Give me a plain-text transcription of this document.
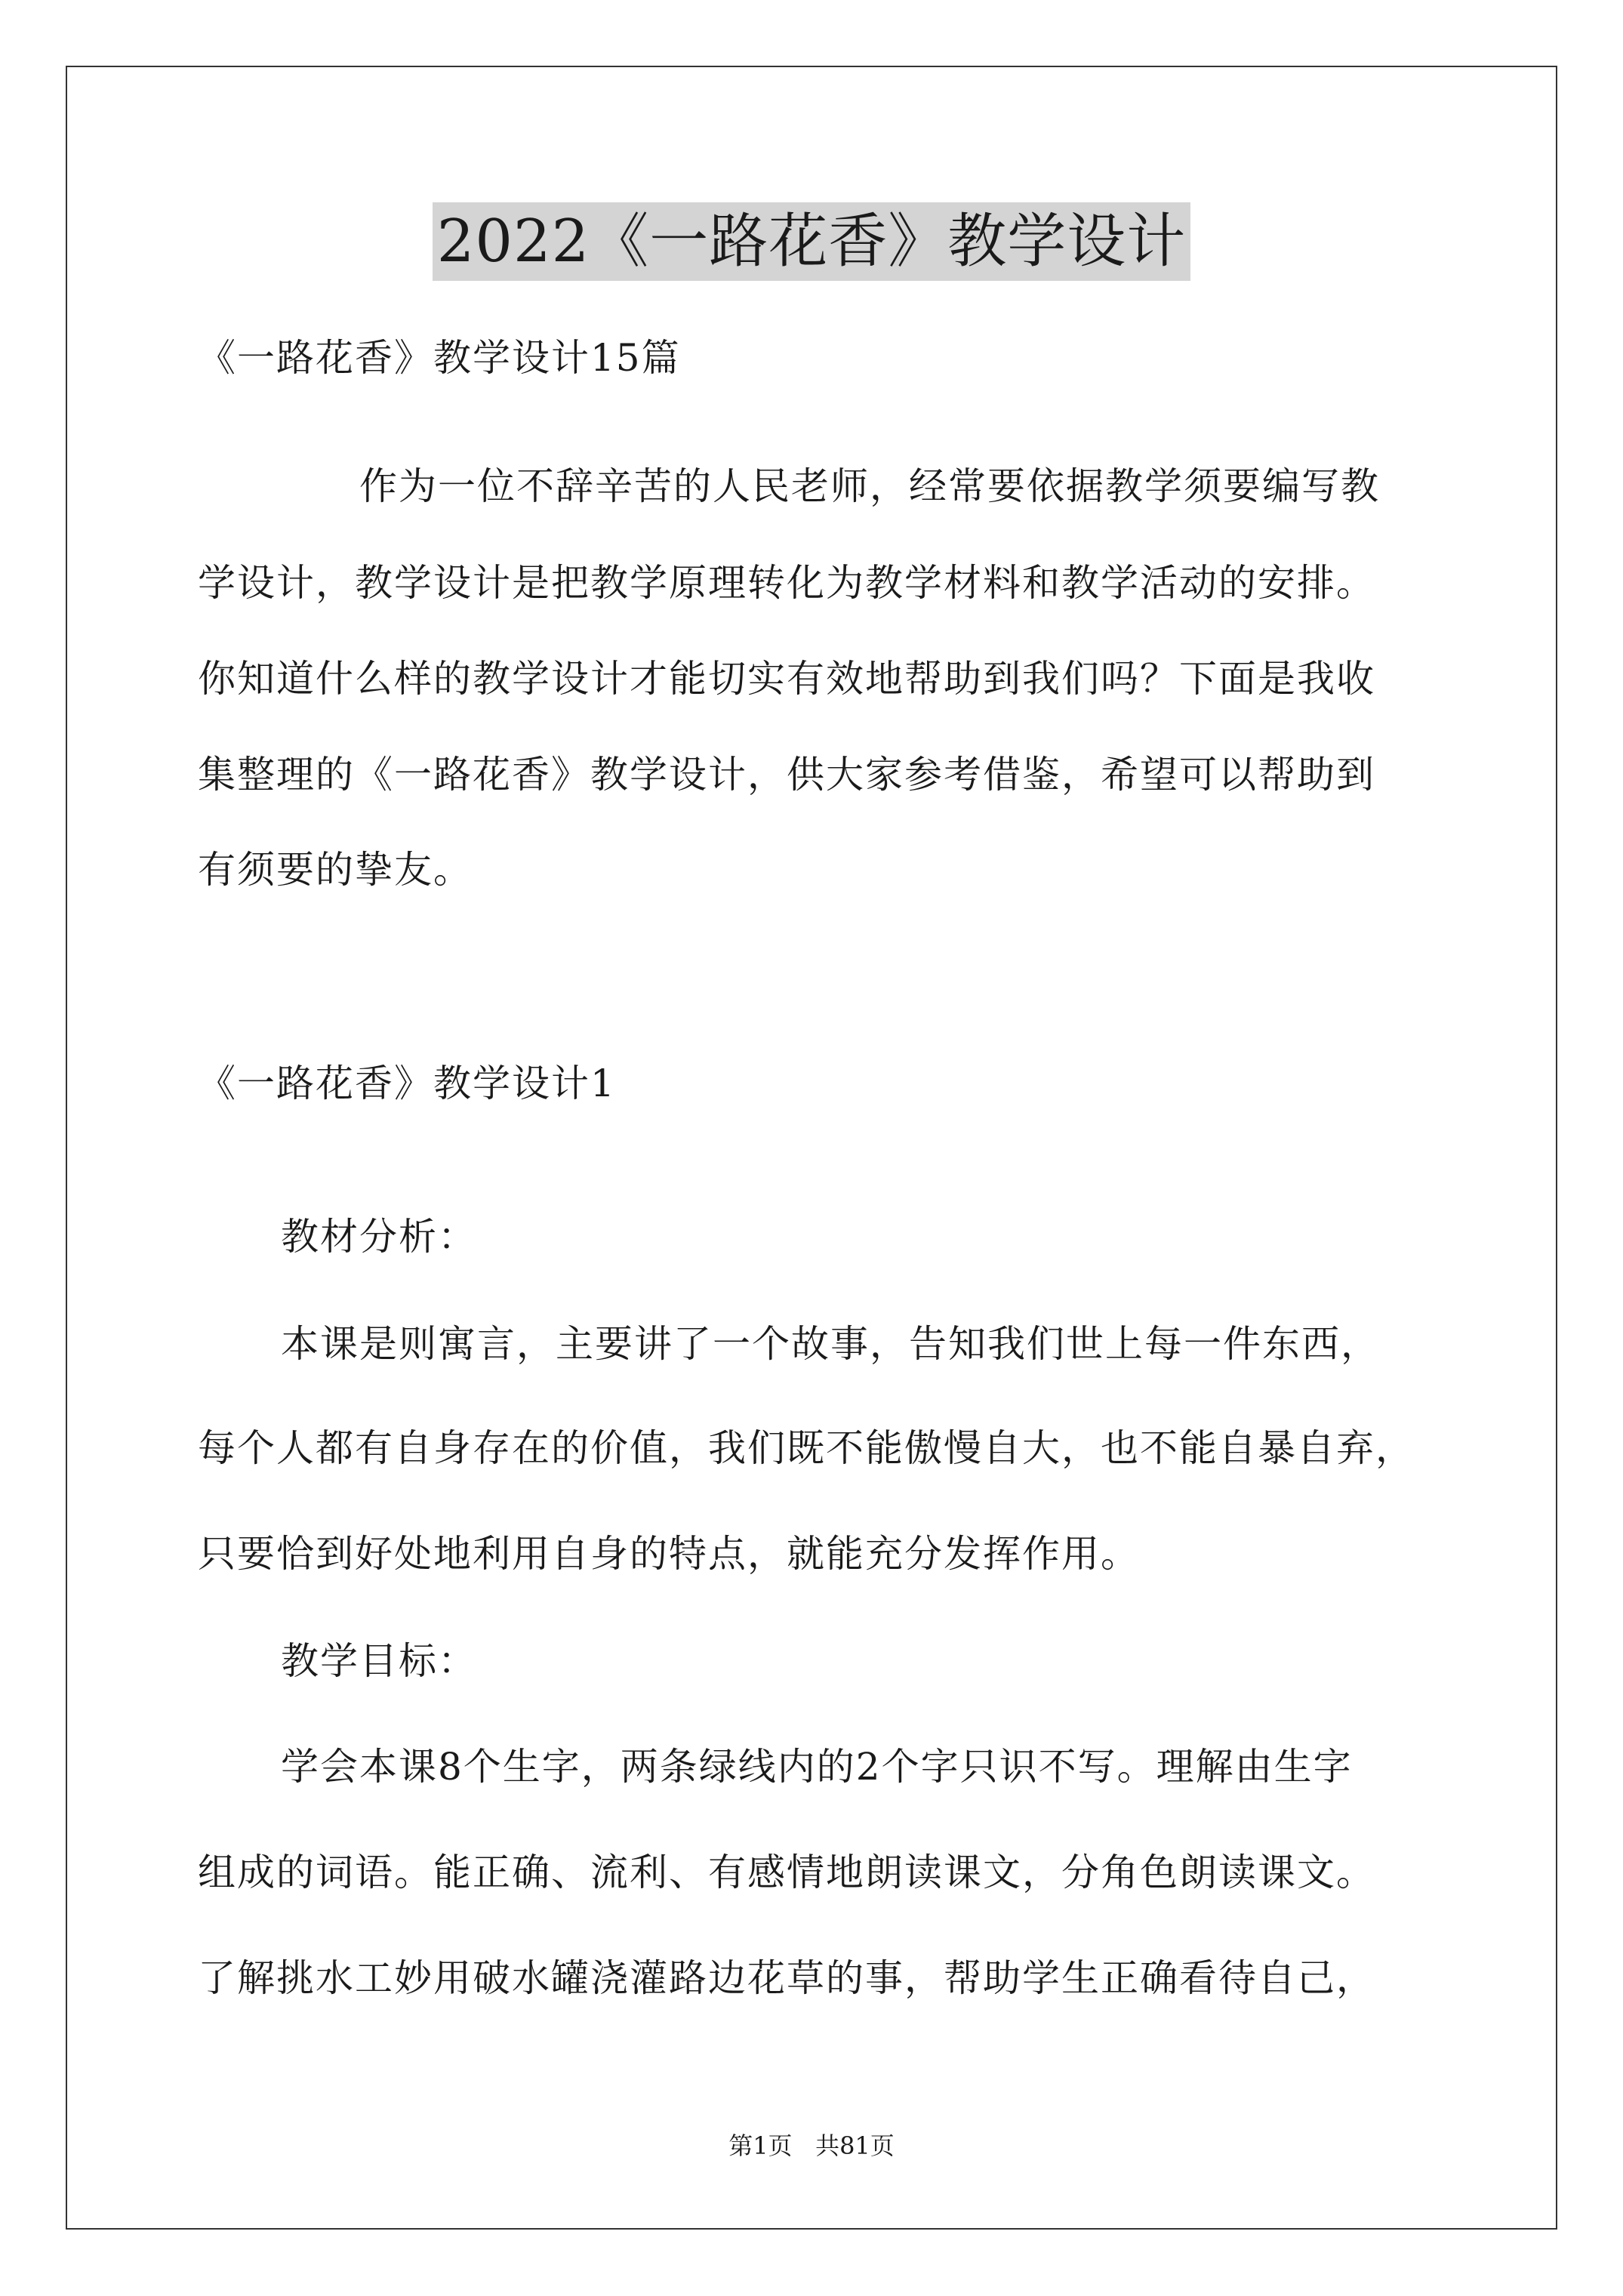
2022《一路花香》教学设计
《一路花香》教学设计15篇
作为一位不辞辛苦的人民老师，经常要依据教学须要编写教
学设计，教学设计是把教学原理转化为教学材料和教学活动的安排。
你知道什么样的教学设计才能切实有效地帮助到我们吗？下面是我收
集整理的《一路花香》教学设计，供大家参考借鉴，希望可以帮助到
有须要的挚友。
《一路花香》教学设计1
教材分析：
本课是则寓言，主要讲了一个故事，告知我们世上每一件东西，
每个人都有自身存在的价值，我们既不能傲慢自大，也不能自暴自弃，
只要恰到好处地利用自身的特点，就能充分发挥作用。
教学目标：
学会本课8个生字，两条绿线内的2个字只识不写。理解由生字
组成的词语。能正确、流利、有感情地朗读课文，分角色朗读课文。
了解挑水工妙用破水罐浇灌路边花草的事，帮助学生正确看待自己，
第1页   共81页
